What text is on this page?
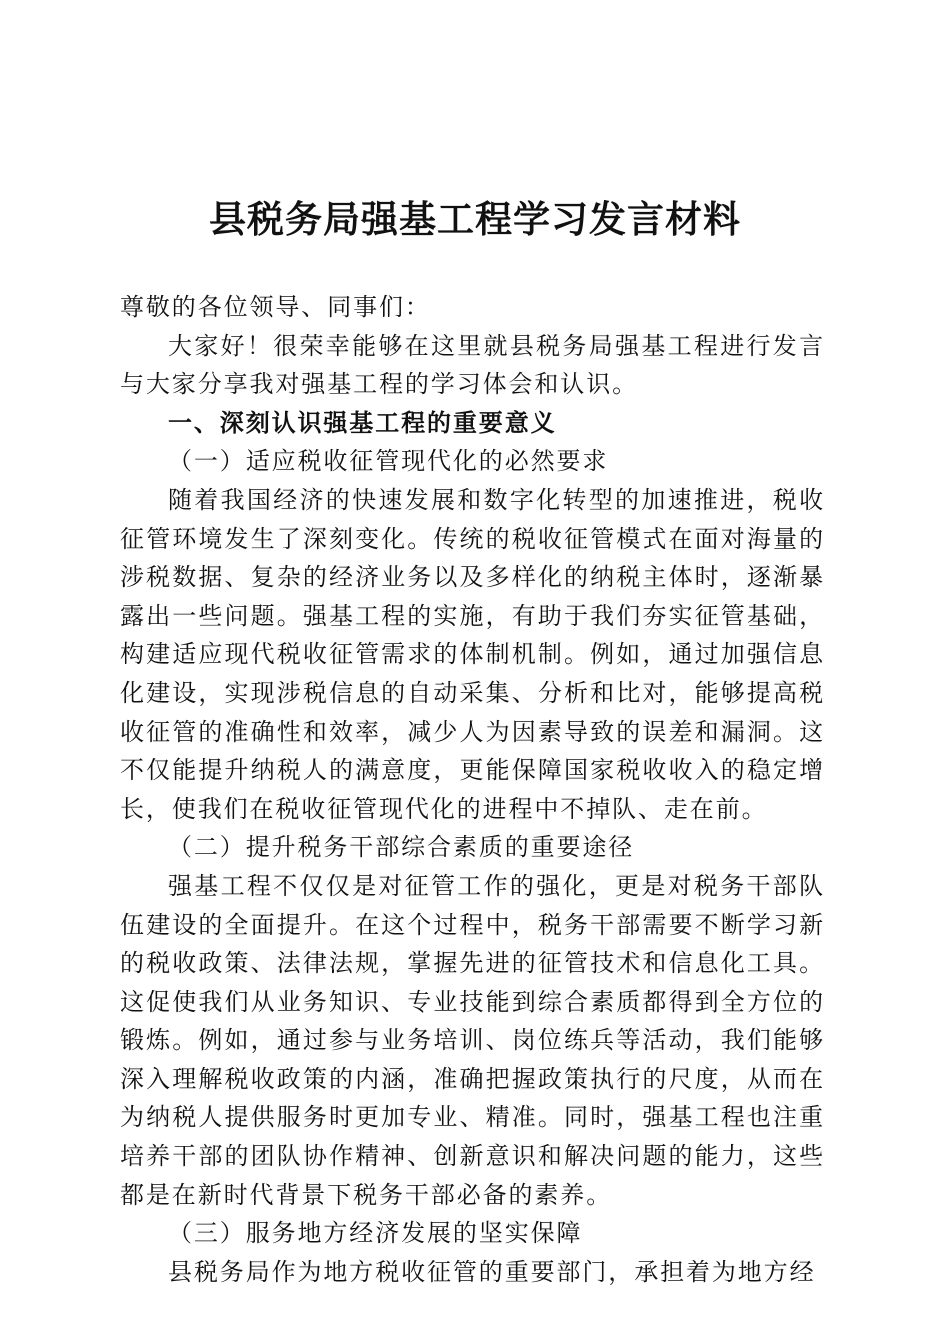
县税务局强基工程学习发言材料

尊敬的各位领导、同事们：

大家好！很荣幸能够在这里就县税务局强基工程进行发言与大家分享我对强基工程的学习体会和认识。

一、深刻认识强基工程的重要意义

（一）适应税收征管现代化的必然要求

随着我国经济的快速发展和数字化转型的加速推进，税收征管环境发生了深刻变化。传统的税收征管模式在面对海量的涉税数据、复杂的经济业务以及多样化的纳税主体时，逐渐暴露出一些问题。强基工程的实施，有助于我们夯实征管基础，构建适应现代税收征管需求的体制机制。例如，通过加强信息化建设，实现涉税信息的自动采集、分析和比对，能够提高税收征管的准确性和效率，减少人为因素导致的误差和漏洞。这不仅能提升纳税人的满意度，更能保障国家税收收入的稳定增长，使我们在税收征管现代化的进程中不掉队、走在前。

（二）提升税务干部综合素质的重要途径

强基工程不仅仅是对征管工作的强化，更是对税务干部队伍建设的全面提升。在这个过程中，税务干部需要不断学习新的税收政策、法律法规，掌握先进的征管技术和信息化工具。这促使我们从业务知识、专业技能到综合素质都得到全方位的锻炼。例如，通过参与业务培训、岗位练兵等活动，我们能够深入理解税收政策的内涵，准确把握政策执行的尺度，从而在为纳税人提供服务时更加专业、精准。同时，强基工程也注重培养干部的团队协作精神、创新意识和解决问题的能力，这些都是在新时代背景下税务干部必备的素养。

（三）服务地方经济发展的坚实保障

县税务局作为地方税收征管的重要部门，承担着为地方经
